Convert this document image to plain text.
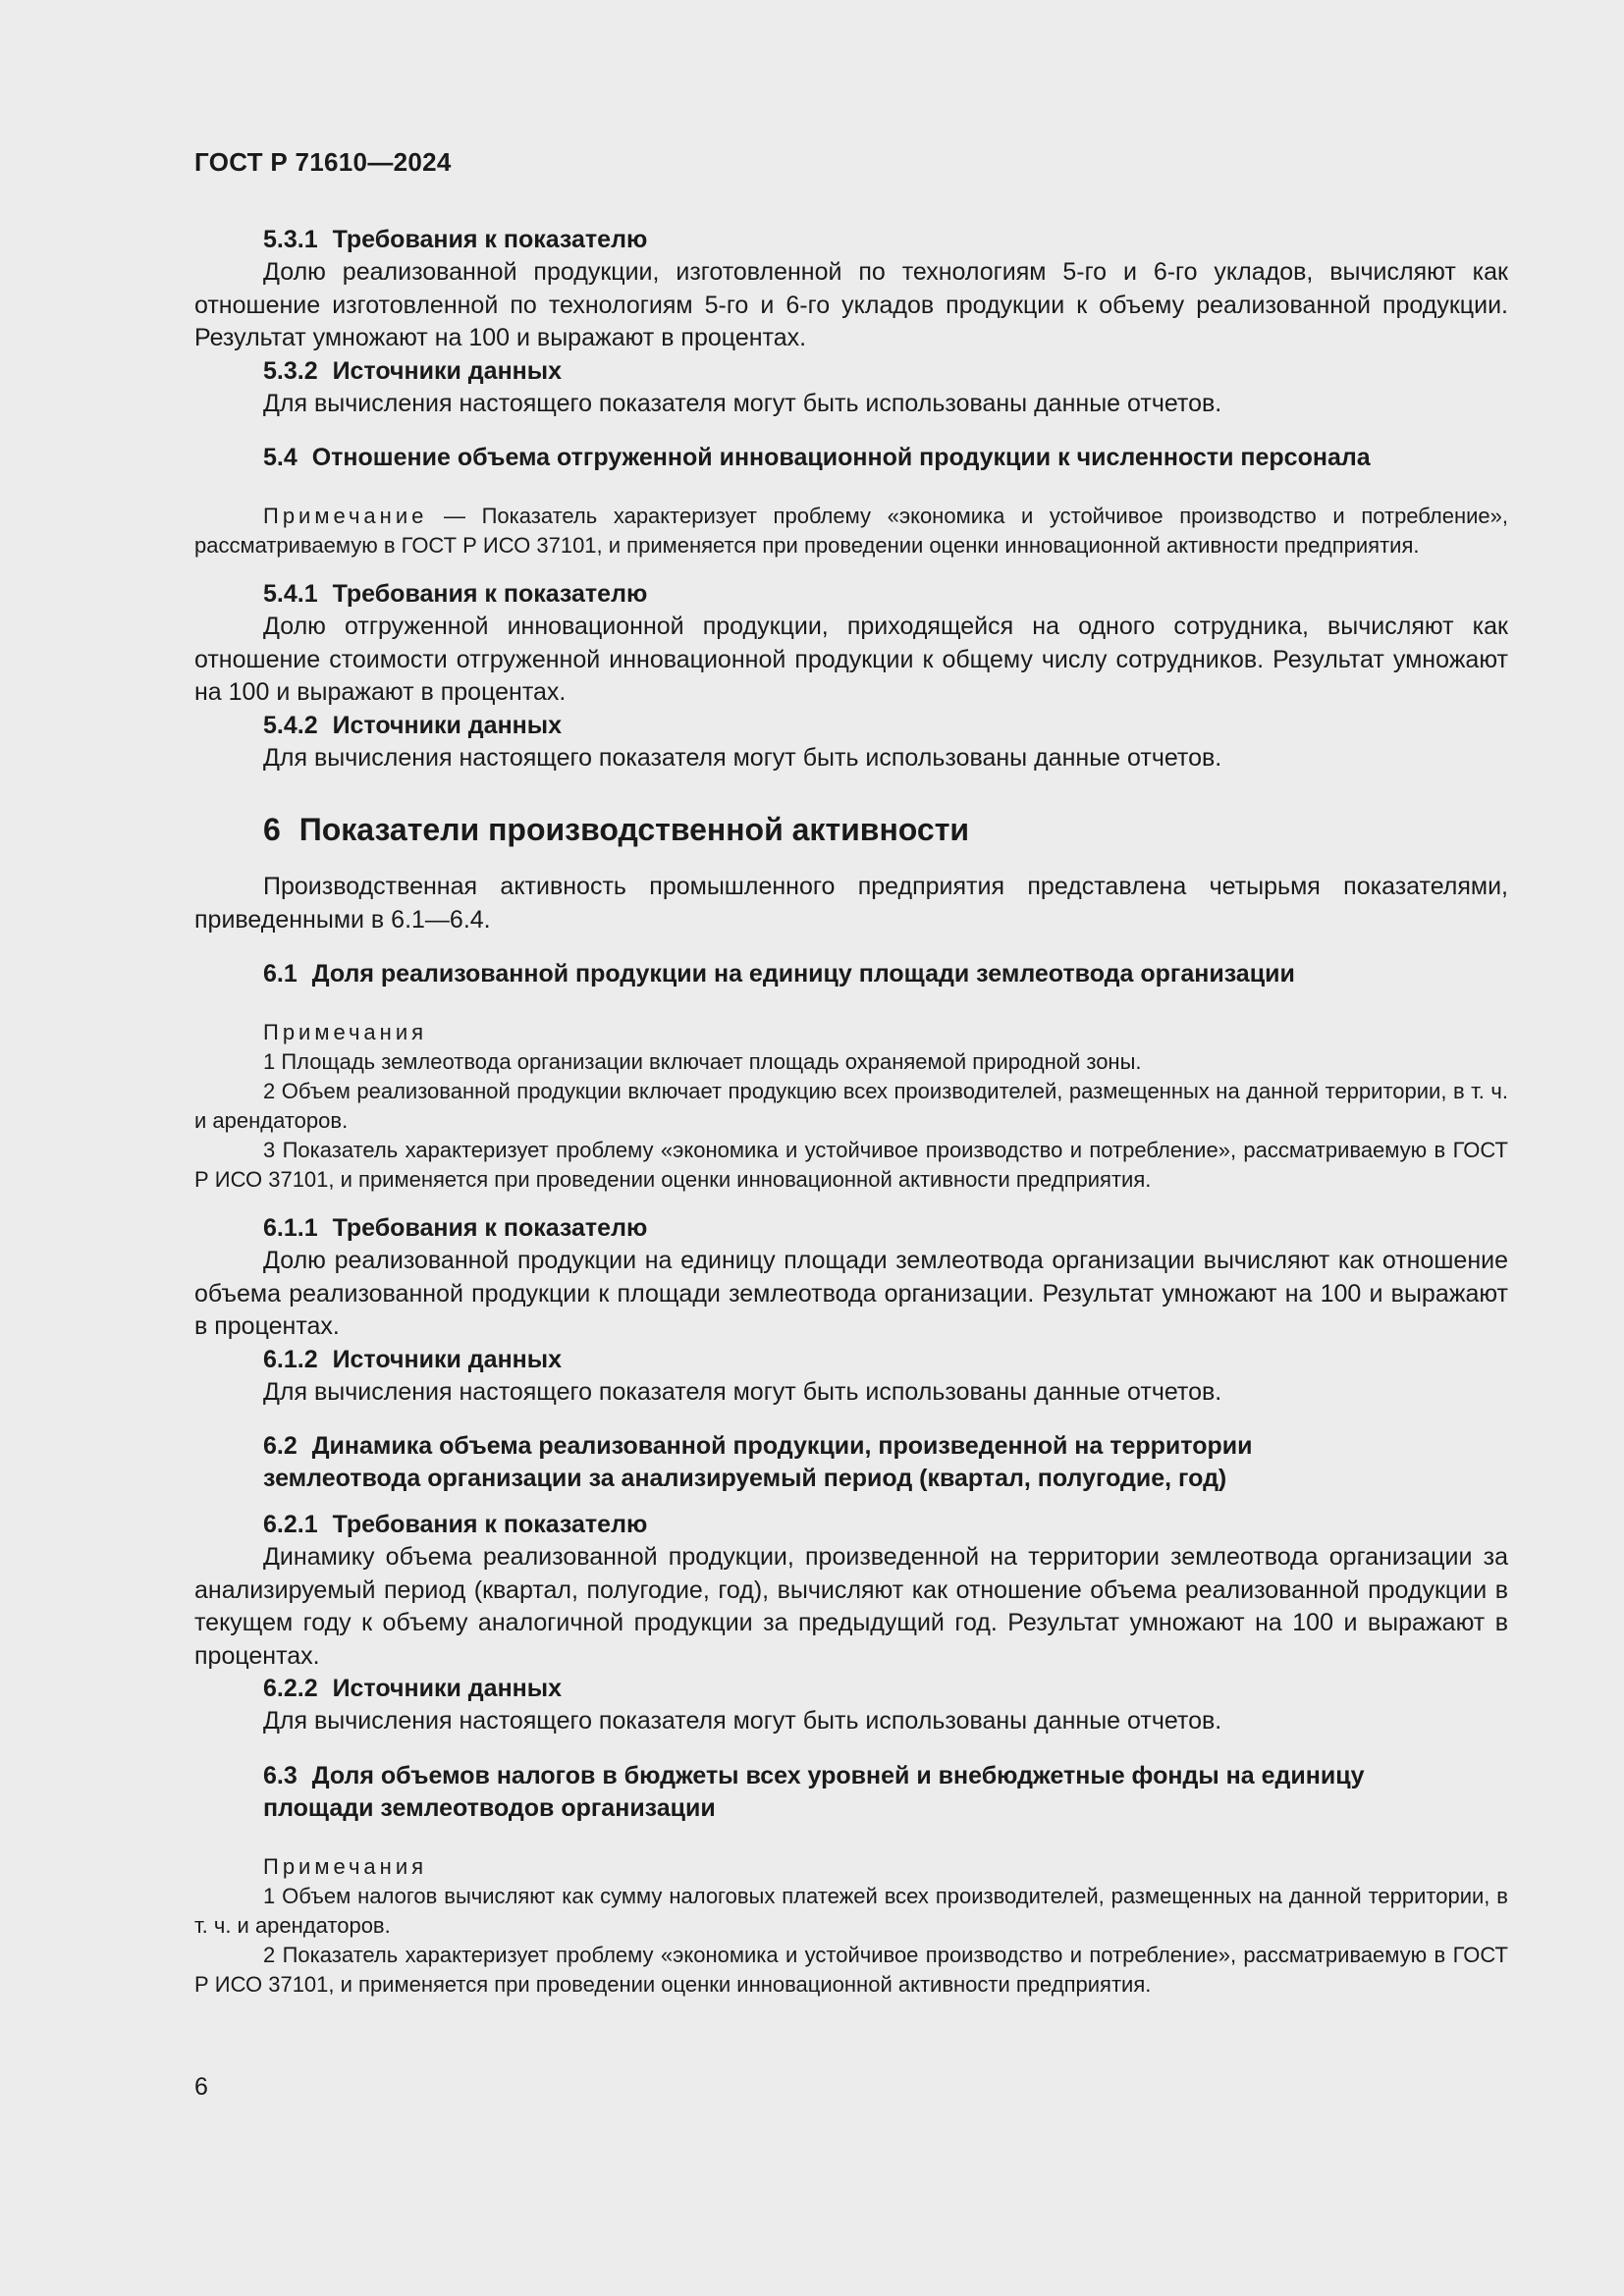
ГОСТ Р 71610—2024
5.3.1 Требования к показателю

Долю реализованной продукции, изготовленной по технологиям 5-го и 6-го укладов, вычисляют как отношение изготовленной по технологиям 5-го и 6-го укладов продукции к объему реализованной продукции. Результат умножают на 100 и выражают в процентах.

5.3.2 Источники данных

Для вычисления настоящего показателя могут быть использованы данные отчетов.

5.4 Отношение объема отгруженной инновационной продукции к численности персонала

Примечание — Показатель характеризует проблему «экономика и устойчивое производство и потребление», рассматриваемую в ГОСТ Р ИСО 37101, и применяется при проведении оценки инновационной активности предприятия.

5.4.1 Требования к показателю

Долю отгруженной инновационной продукции, приходящейся на одного сотрудника, вычисляют как отношение стоимости отгруженной инновационной продукции к общему числу сотрудников. Результат умножают на 100 и выражают в процентах.

5.4.2 Источники данных

Для вычисления настоящего показателя могут быть использованы данные отчетов.

6 Показатели производственной активности

Производственная активность промышленного предприятия представлена четырьмя показателями, приведенными в 6.1—6.4.

6.1 Доля реализованной продукции на единицу площади землеотвода организации
Примечания

1 Площадь землеотвода организации включает площадь охраняемой природной зоны.

2 Объем реализованной продукции включает продукцию всех производителей, размещенных на данной территории, в т. ч. и арендаторов.

3 Показатель характеризует проблему «экономика и устойчивое производство и потребление», рассматриваемую в ГОСТ Р ИСО 37101, и применяется при проведении оценки инновационной активности предприятия.

6.1.1 Требования к показателю

Долю реализованной продукции на единицу площади землеотвода организации вычисляют как отношение объема реализованной продукции к площади землеотвода организации. Результат умножают на 100 и выражают в процентах.

6.1.2 Источники данных

Для вычисления настоящего показателя могут быть использованы данные отчетов.

6.2 Динамика объема реализованной продукции, произведенной на территории
землеотвода организации за анализируемый период (квартал, полугодие, год)
6.2.1 Требования к показателю

Динамику объема реализованной продукции, произведенной на территории землеотвода организации за анализируемый период (квартал, полугодие, год), вычисляют как отношение объема реализованной продукции в текущем году к объему аналогичной продукции за предыдущий год. Результат умножают на 100 и выражают в процентах.

6.2.2 Источники данных

Для вычисления настоящего показателя могут быть использованы данные отчетов.

6.3 Доля объемов налогов в бюджеты всех уровней и внебюджетные фонды на единицу
площади землеотводов организации
Примечания

1 Объем налогов вычисляют как сумму налоговых платежей всех производителей, размещенных на данной территории, в т. ч. и арендаторов.

2 Показатель характеризует проблему «экономика и устойчивое производство и потребление», рассматриваемую в ГОСТ Р ИСО 37101, и применяется при проведении оценки инновационной активности предприятия.

6
